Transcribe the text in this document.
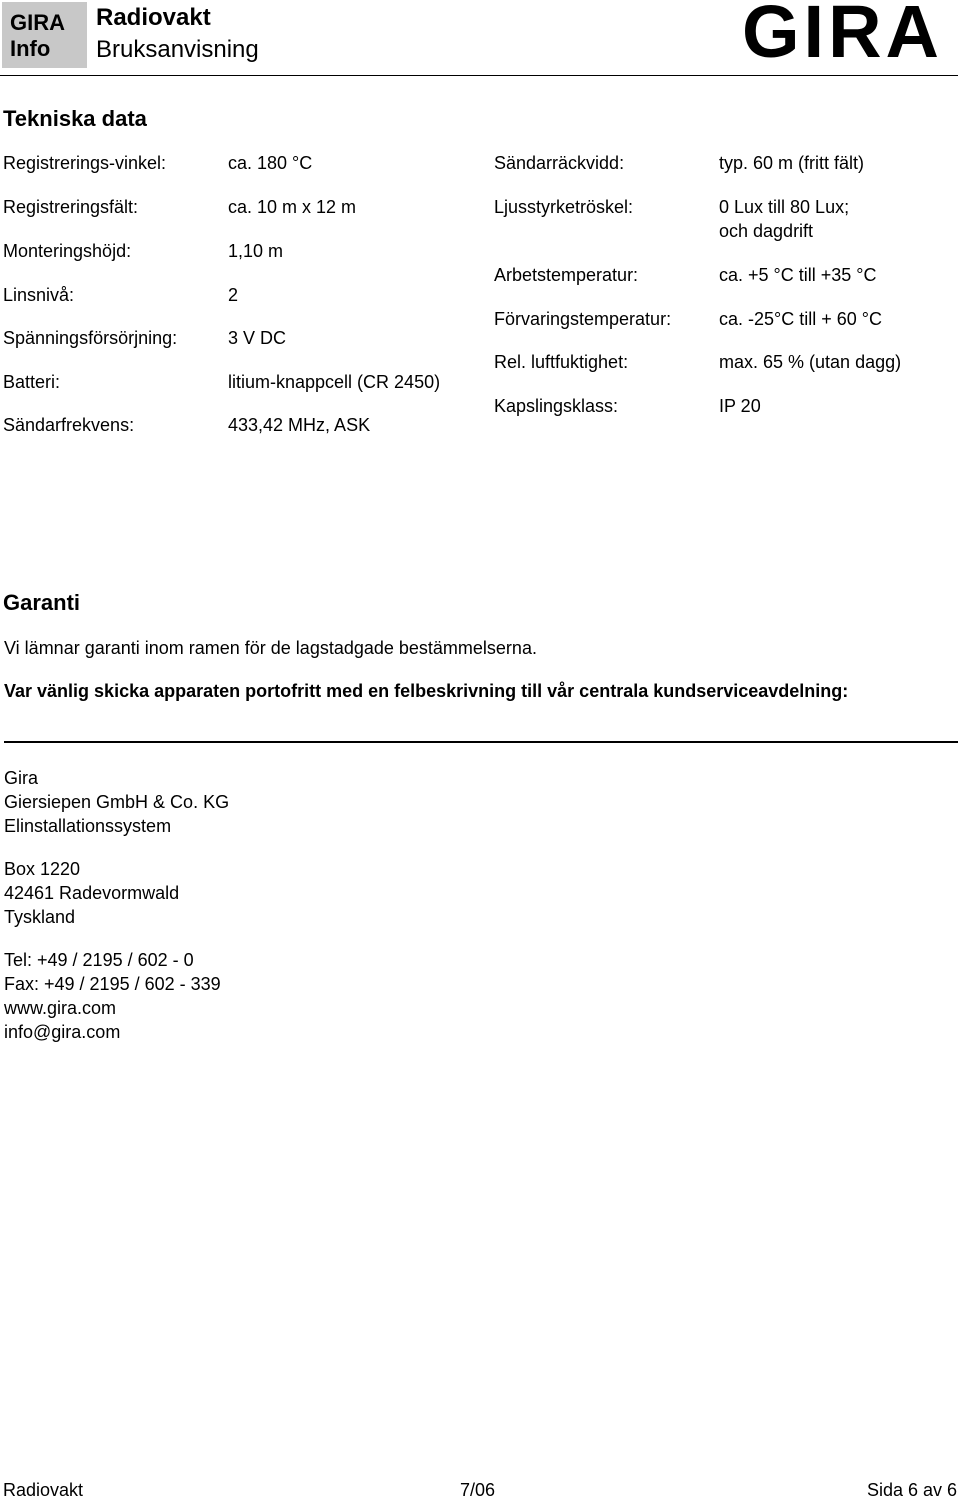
GIRA
Info
Radiovakt
Bruksanvisning	GIRA
Tekniska data
Registrerings-vinkel:	ca. 180 °C
Registreringsfält:	ca. 10 m x 12 m
Monteringshöjd:	1,10 m
Linsnivå:	2
Spänningsförsörjning:	3 V DC
Batteri:	litium-knappcell (CR 2450)
Sändarfrekvens:	433,42 MHz, ASK
Sändarräckvidd:	typ. 60 m (fritt fält)
Ljusstyrketröskel:	0 Lux till 80 Lux;
och dagdrift
Arbetstemperatur:	ca. +5 °C till +35 °C
Förvaringstemperatur:	ca. -25°C till + 60 °C
Rel. luftfuktighet:	max. 65 % (utan dagg)
Kapslingsklass:	IP 20
Garanti
Vi lämnar garanti inom ramen för de lagstadgade bestämmelserna.
Var vänlig skicka apparaten portofritt med en felbeskrivning till vår centrala kundserviceavdelning:
Gira
Giersiepen GmbH & Co. KG
Elinstallationssystem
Box 1220
42461 Radevormwald
Tyskland
Tel: +49 / 2195 / 602 - 0
Fax: +49 / 2195 / 602 - 339
www.gira.com
info@gira.com
Radiovakt	7/06	Sida 6 av 6
